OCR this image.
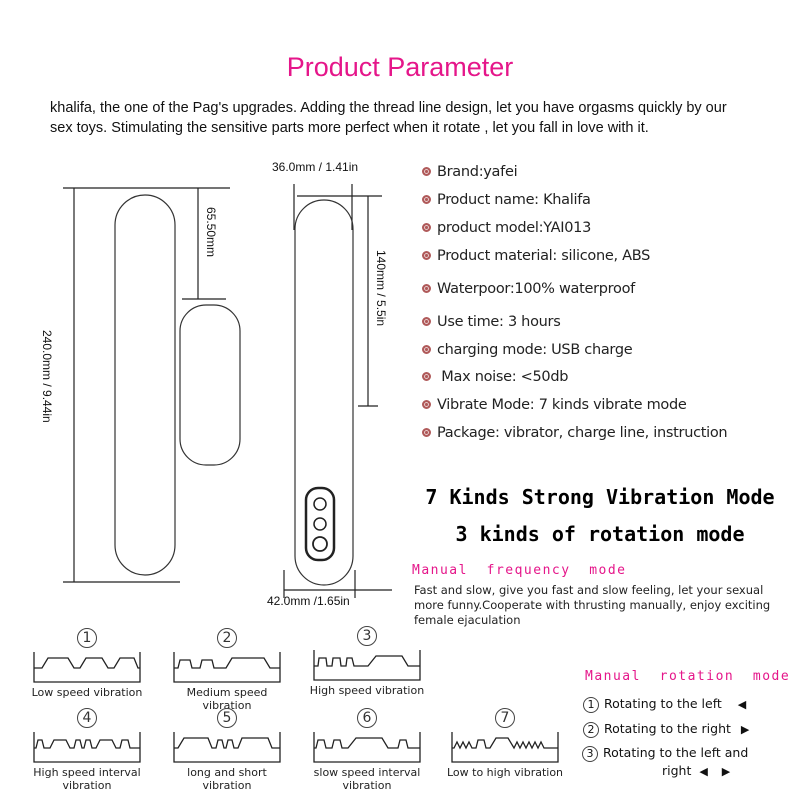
Product Parameter
khalifa, the one of the Pag's upgrades. Adding the thread line design, let you have orgasms quickly by our sex toys. Stimulating the sensitive parts more perfect when it rotate , let you fall in love with it.
240.0mm / 9.44in
65.50mm
36.0mm / 1.41in
140mm / 5.5in
42.0mm /1.65in
Brand:yafei
Product name: Khalifa
product model:YAI013
Product material: silicone, ABS
Waterpoor:100% waterproof
Use time: 3 hours
charging mode: USB charge
Max noise: <50db
Vibrate Mode: 7 kinds vibrate mode
Package: vibrator, charge line, instruction
7 Kinds Strong Vibration Mode
3 kinds of rotation mode
Manual  frequency  mode
Fast and slow, give you fast and slow feeling, let your sexual more funny.Cooperate with thrusting manually, enjoy exciting female ejaculation
1
Low speed vibration
2
Medium speed vibration
3
High speed vibration
4
High speed interval vibration
5
long and short vibration
6
slow speed interval vibration
7
Low to high vibration
Manual  rotation  mode
1 Rotating to the left ◀
2 Rotating to the right ▶
3 Rotating to the left and
right ◀    ▶
